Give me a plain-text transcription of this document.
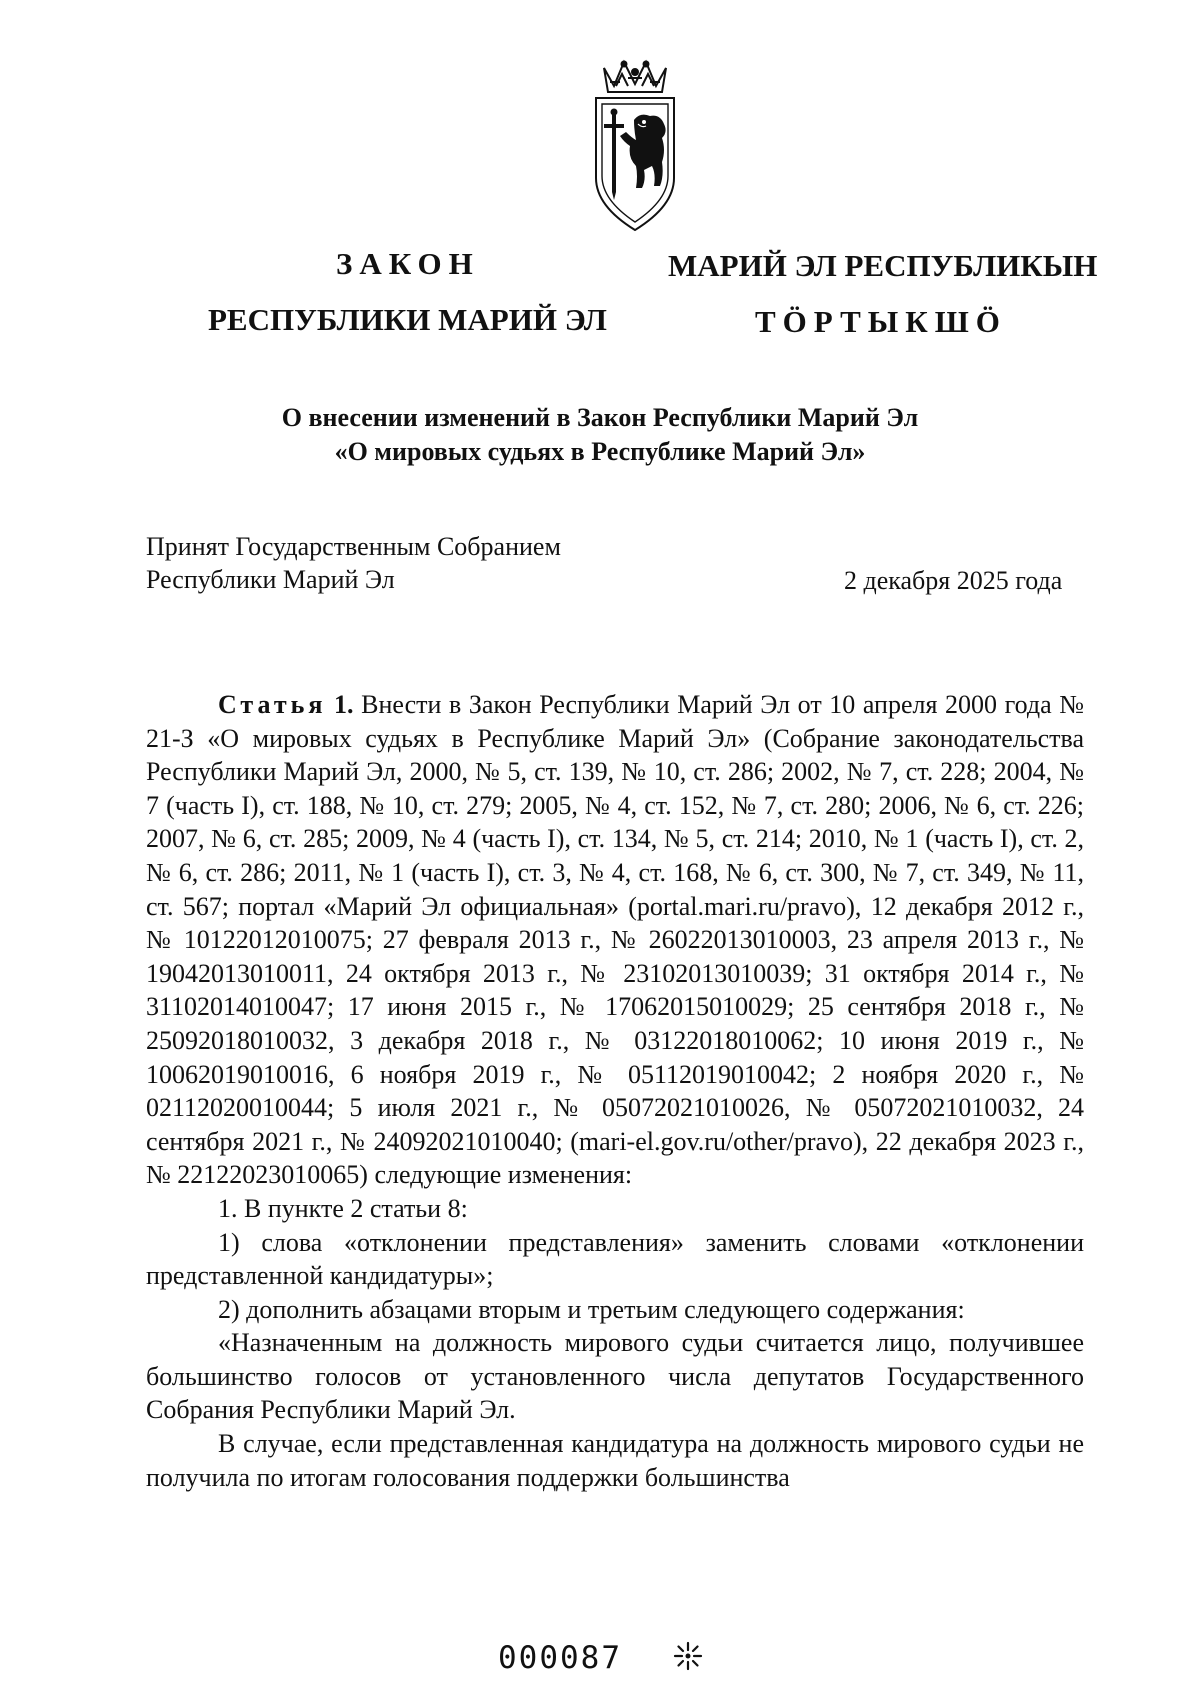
ЗАКОН	МАРИЙ ЭЛ РЕСПУБЛИКЫН
РЕСПУБЛИКИ МАРИЙ ЭЛ	ТӦРТЫКШӦ
О внесении изменений в Закон Республики Марий Эл
«О мировых судьях в Республике Марий Эл»
Принят Государственным Собранием
Республики Марий Эл	2 декабря 2025 года

Статья 1. Внести в Закон Республики Марий Эл от 10 апреля 2000 года № 21-З «О мировых судьях в Республике Марий Эл» (Собрание законодательства Республики Марий Эл, 2000, № 5, ст. 139, № 10, ст. 286; 2002, № 7, ст. 228; 2004, № 7 (часть I), ст. 188, № 10, ст. 279; 2005, № 4, ст. 152, № 7, ст. 280; 2006, № 6, ст. 226; 2007, № 6, ст. 285; 2009, № 4 (часть I), ст. 134, № 5, ст. 214; 2010, № 1 (часть I), ст. 2, № 6, ст. 286; 2011, № 1 (часть I), ст. 3, № 4, ст. 168, № 6, ст. 300, № 7, ст. 349, № 11, ст. 567; портал «Марий Эл официальная» (portal.mari.ru/pravo), 12 декабря 2012 г., № 10122012010075; 27 февраля 2013 г., № 26022013010003, 23 апреля 2013 г., № 19042013010011, 24 октября 2013 г., № 23102013010039; 31 октября 2014 г., № 31102014010047; 17 июня 2015 г., № 17062015010029; 25 сентября 2018 г., № 25092018010032, 3 декабря 2018 г., № 03122018010062; 10 июня 2019 г., № 10062019010016, 6 ноября 2019 г., № 05112019010042; 2 ноября 2020 г., № 02112020010044; 5 июля 2021 г., № 05072021010026, № 05072021010032, 24 сентября 2021 г., № 24092021010040; (mari-el.gov.ru/other/pravo), 22 декабря 2023 г., № 22122023010065) следующие изменения:

1. В пункте 2 статьи 8:

1) слова «отклонении представления» заменить словами «отклонении представленной кандидатуры»;

2) дополнить абзацами вторым и третьим следующего содержания:

«Назначенным на должность мирового судьи считается лицо, получившее большинство голосов от установленного числа депутатов Государственного Собрания Республики Марий Эл.

В случае, если представленная кандидатура на должность мирового судьи не получила по итогам голосования поддержки большинства

000087
